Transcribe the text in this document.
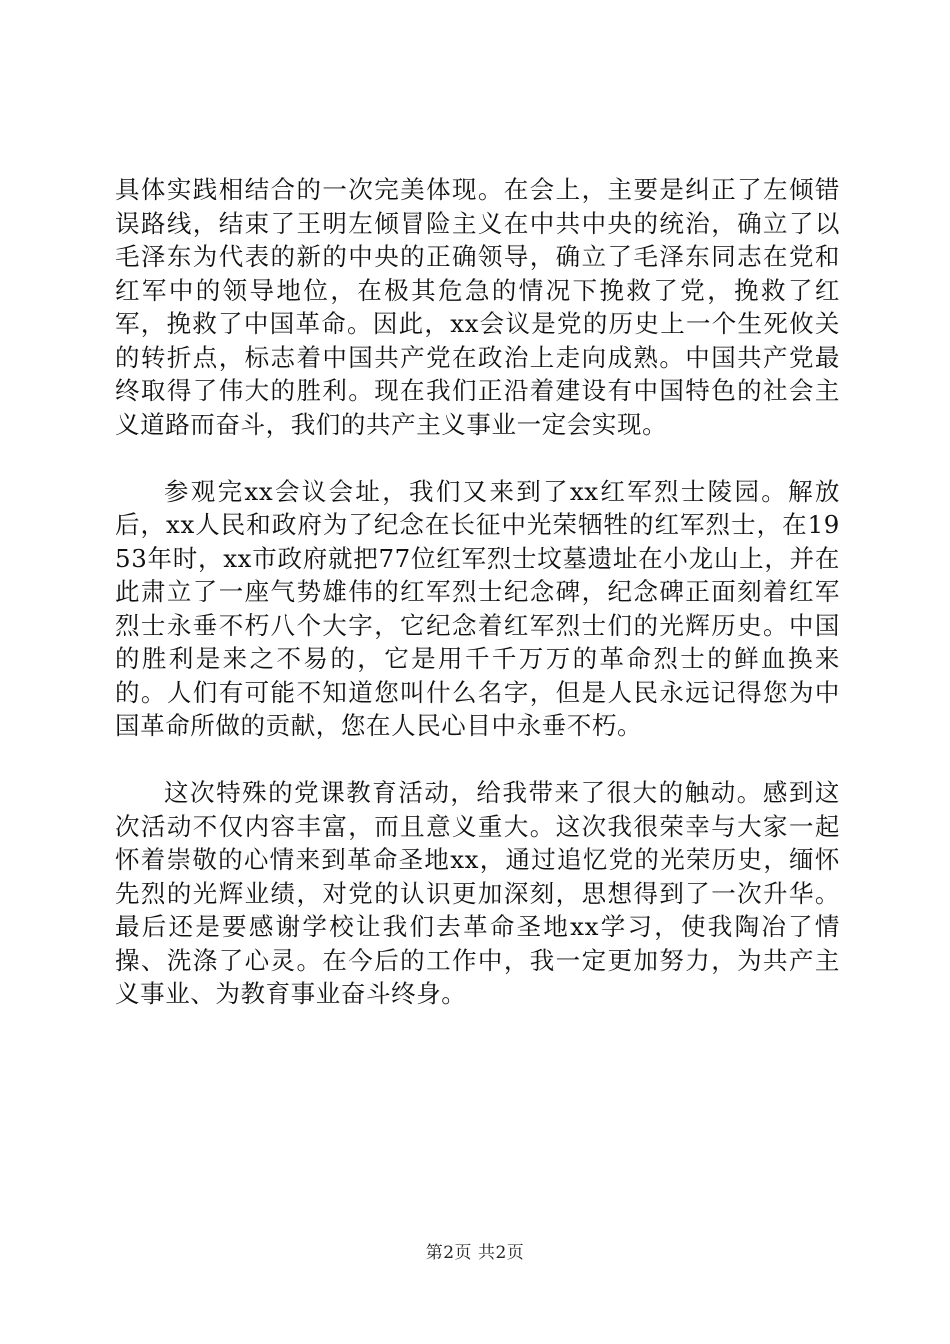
具体实践相结合的一次完美体现。在会上，主要是纠正了左倾错误路线，结束了王明左倾冒险主义在中共中央的统治，确立了以毛泽东为代表的新的中央的正确领导，确立了毛泽东同志在党和红军中的领导地位，在极其危急的情况下挽救了党，挽救了红军，挽救了中国革命。因此，xx会议是党的历史上一个生死攸关的转折点，标志着中国共产党在政治上走向成熟。中国共产党最终取得了伟大的胜利。现在我们正沿着建设有中国特色的社会主义道路而奋斗，我们的共产主义事业一定会实现。

参观完xx会议会址，我们又来到了xx红军烈士陵园。解放后，xx人民和政府为了纪念在长征中光荣牺牲的红军烈士，在1953年时，xx市政府就把77位红军烈士坟墓遗址在小龙山上，并在此肃立了一座气势雄伟的红军烈士纪念碑，纪念碑正面刻着红军烈士永垂不朽八个大字，它纪念着红军烈士们的光辉历史。中国的胜利是来之不易的，它是用千千万万的革命烈士的鲜血换来的。人们有可能不知道您叫什么名字，但是人民永远记得您为中国革命所做的贡献，您在人民心目中永垂不朽。

这次特殊的党课教育活动，给我带来了很大的触动。感到这次活动不仅内容丰富，而且意义重大。这次我很荣幸与大家一起怀着崇敬的心情来到革命圣地xx，通过追忆党的光荣历史，缅怀先烈的光辉业绩，对党的认识更加深刻，思想得到了一次升华。最后还是要感谢学校让我们去革命圣地xx学习，使我陶冶了情操、洗涤了心灵。在今后的工作中，我一定更加努力，为共产主义事业、为教育事业奋斗终身。

第2页 共2页
